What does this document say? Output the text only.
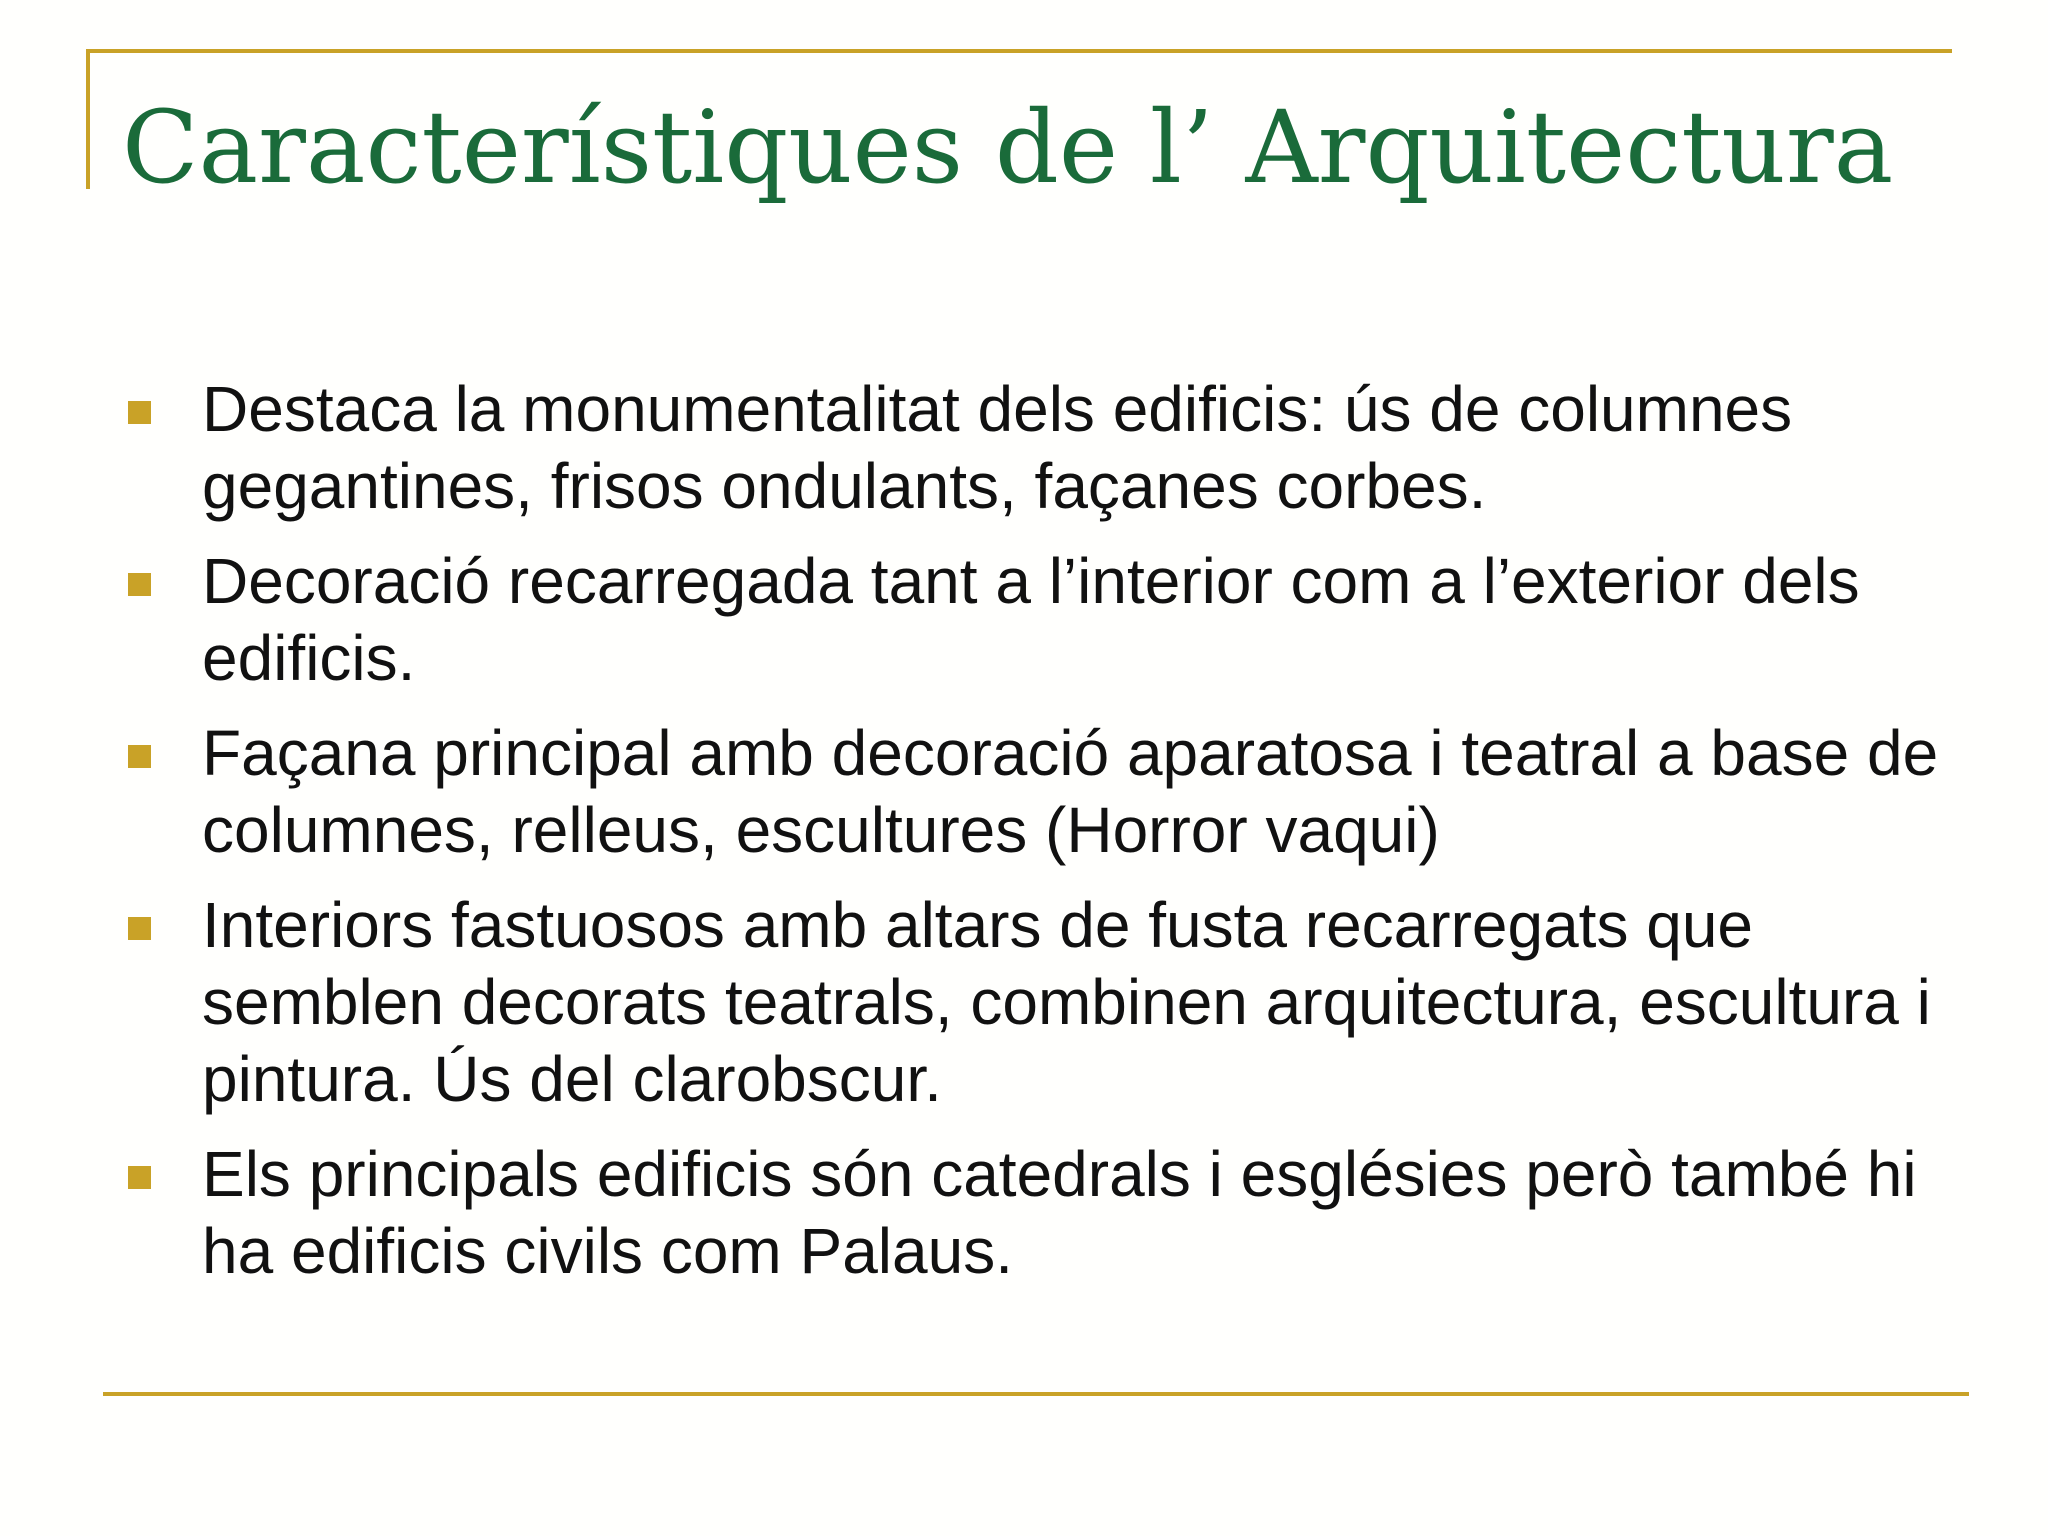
Característiques de l’ Arquitectura
Destaca la monumentalitat dels edificis: ús de columnes gegantines, frisos ondulants, façanes corbes.
Decoració recarregada tant a l’interior com a l’exterior dels edificis.
Façana principal amb decoració aparatosa i teatral a base de columnes, relleus, escultures (Horror vaqui)
Interiors fastuosos amb altars de fusta recarregats que semblen decorats teatrals, combinen arquitectura, escultura i pintura. Ús del clarobscur.
Els principals edificis són catedrals i esglésies però també hi ha edificis civils com Palaus.
